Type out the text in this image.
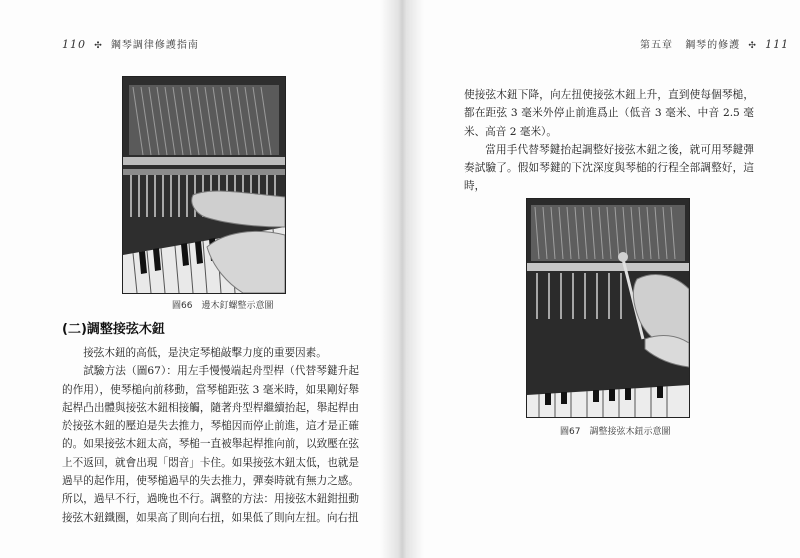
110 ✣ 鋼琴調律修護指南
圖66　邊木釘螺整示意圖
(二)調整接弦木鈕

接弦木鈕的高低，是決定琴槌敲擊力度的重要因素。

試驗方法（圖67）：用左手慢慢端起舟型桿（代替琴鍵升起的作用），使琴槌向前移動，當琴槌距弦 3 毫米時，如果剛好舉起桿凸出體與接弦木鈕相接觸，隨著舟型桿繼續抬起，舉起桿由於接弦木鈕的壓迫是失去推力，琴槌因而停止前進，這才是正確的。如果接弦木鈕太高，琴槌一直被舉起桿推向前，以致壓在弦上不返回，就會出現「悶音」卡住。如果接弦木鈕太低，也就是過早的起作用，使琴槌過早的失去推力，彈奏時就有無力之感。所以，過早不行，過晚也不行。調整的方法：用接弦木鈕鉗扭動接弦木鈕鐵圈，如果高了則向右扭，如果低了則向左扭。向右扭

第五章 鋼琴的修護 ✣ 111

使接弦木鈕下降，向左扭使接弦木鈕上升，直到使每個琴槌，都在距弦 3 毫米外停止前進爲止（低音 3 毫米、中音 2.5 毫米、高音 2 毫米）。

當用手代替琴鍵抬起調整好接弦木鈕之後，就可用琴鍵彈奏試驗了。假如琴鍵的下沈深度與琴槌的行程全部調整好，這時，

圖67　調整接弦木鈕示意圖
